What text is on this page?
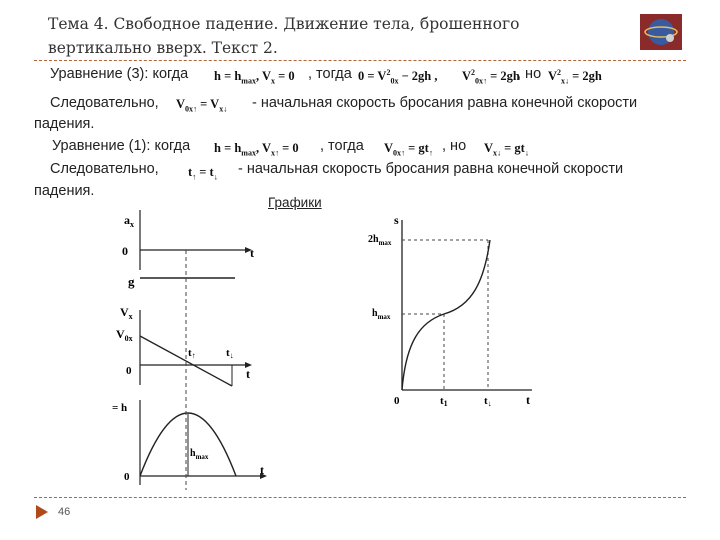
Тема 4. Свободное падение. Движение тела, брошенного вертикально вверх. Текст 2.
Уравнение (3): когда $h = h_{max}$, $V_x = 0$ , тогда $0 = V^2_{0x} - 2gh$ , $V^2_{0x↑} = 2gh$
, но $V^2_{x↓} = 2gh$
Следовательно, $V_{0x↑} = V_{x↓}$ - начальная скорость бросания равна конечной скорости
падения.
Уравнение (1): когда $h = h_{max}$, $V_{x↑} = 0$ , тогда $V_{0x↑} = gt_↑$ , но $V_{x↓} = gt_↓$
Следовательно, $t_↑ = t_↓$ - начальная скорость бросания равна конечной скорости
падения.
Графики
$a_x$
0	t
g
$V_x$
$V_{0x}$
0
t↑	t↓
t
= h
$h_{max}$
0	t
s
$2h_{max}$
$h_{max}$
0	t1	t↓	t
46
